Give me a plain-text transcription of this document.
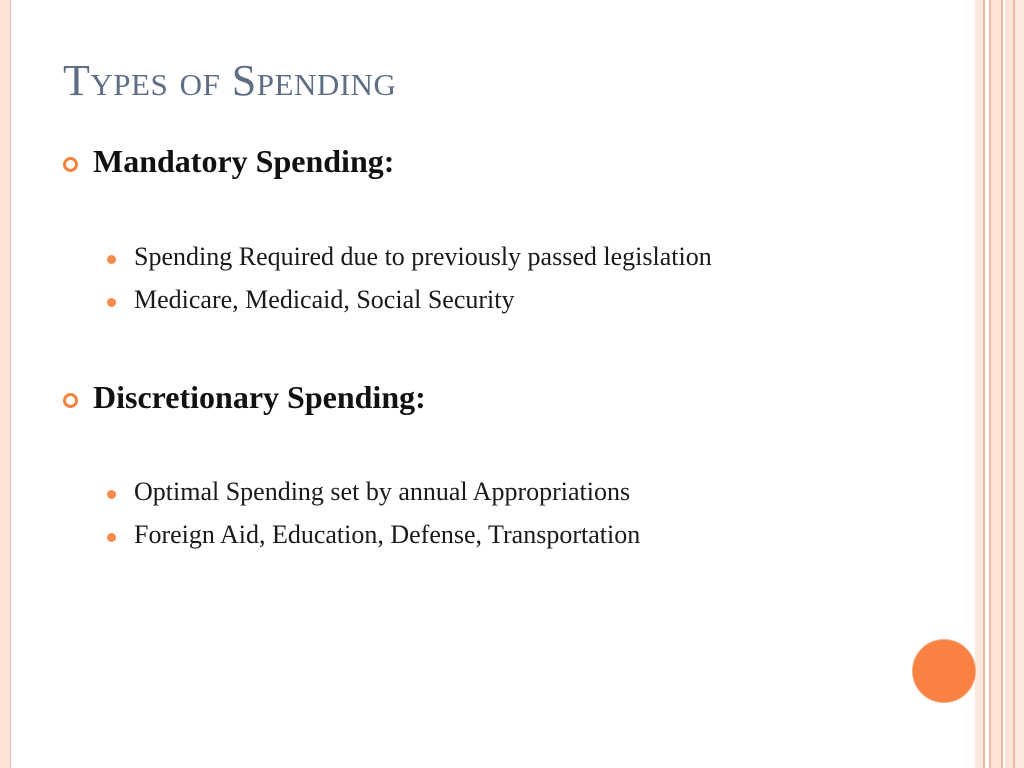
Types of Spending
Mandatory Spending:
Spending Required due to previously passed legislation
Medicare, Medicaid, Social Security
Discretionary Spending:
Optimal Spending set by annual Appropriations
Foreign Aid, Education, Defense, Transportation
